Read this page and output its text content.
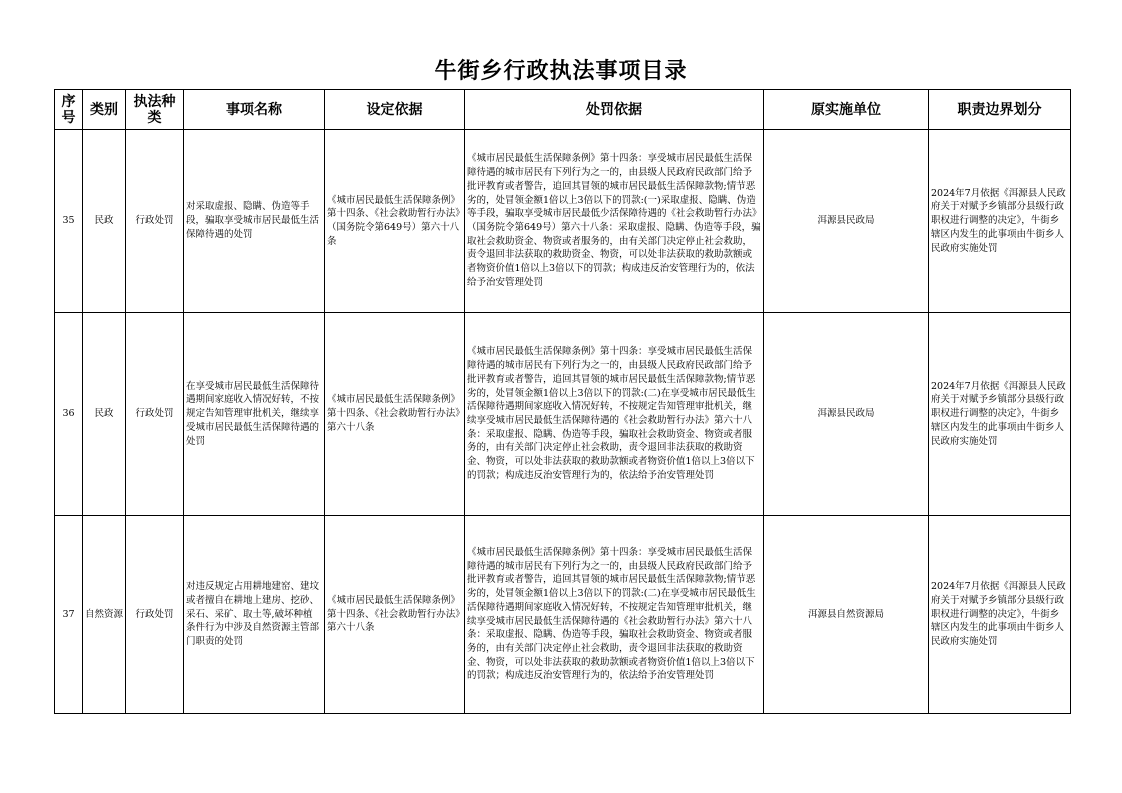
牛街乡行政执法事项目录
序号	类别	执法种类	事项名称	设定依据	处罚依据	原实施单位	职责边界划分
35	民政	行政处罚	对采取虚报、隐瞒、伪造等手段，骗取享受城市居民最低生活保障待遇的处罚	《城市居民最低生活保障条例》第十四条、《社会救助暂行办法》（国务院令第649号）第六十八条	《城市居民最低生活保障条例》第十四条：享受城市居民最低生活保障待遇的城市居民有下列行为之一的，由县级人民政府民政部门给予批评教育或者警告，追回其冒领的城市居民最低生活保障款物;情节恶劣的，处冒领金额1倍以上3倍以下的罚款:(一)采取虚报、隐瞒、伪造等手段，骗取享受城市居民最低少活保障待遇的《社会救助暂行办法》（国务院令第649号）第六十八条：采取虚报、隐瞒、伪造等手段，骗取社会救助资金、物资或者服务的，由有关部门决定停止社会救助，责令退回非法获取的救助资金、物资，可以处非法获取的救助款额或者物资价值1倍以上3倍以下的罚款；构成违反治安管理行为的，依法给予治安管理处罚	洱源县民政局	2024年7月依据《洱源县人民政府关于对赋予乡镇部分县级行政职权进行调整的决定》，牛街乡辖区内发生的此事项由牛街乡人民政府实施处罚
36	民政	行政处罚	在享受城市居民最低生活保障待遇期间家庭收入情况好转，不按规定告知管理审批机关，继续享受城市居民最低生活保障待遇的处罚	《城市居民最低生活保障条例》第十四条、《社会救助暂行办法》第六十八条	《城市居民最低生活保障条例》第十四条：享受城市居民最低生活保障待遇的城市居民有下列行为之一的，由县级人民政府民政部门给予批评教育或者警告，追回其冒领的城市居民最低生活保障款物;情节恶劣的，处冒领金额1倍以上3倍以下的罚款:(二)在享受城市居民最低生活保障待遇期间家庭收入情况好转，不按规定告知管理审批机关，继续享受城市居民最低生活保障待遇的《社会救助暂行办法》第六十八条：采取虚报、隐瞒、伪造等手段，骗取社会救助资金、物资或者服务的，由有关部门决定停止社会救助，责令退回非法获取的救助资金、物资，可以处非法获取的救助款额或者物资价值1倍以上3倍以下的罚款；构成违反治安管理行为的，依法给予治安管理处罚	洱源县民政局	2024年7月依据《洱源县人民政府关于对赋予乡镇部分县级行政职权进行调整的决定》，牛街乡辖区内发生的此事项由牛街乡人民政府实施处罚
37	自然资源	行政处罚	对违反规定占用耕地建窑、建坟或者擅自在耕地上建房、挖砂、采石、采矿、取土等,破坏种植条件行为中涉及自然资源主管部门职责的处罚	《城市居民最低生活保障条例》第十四条、《社会救助暂行办法》第六十八条	《城市居民最低生活保障条例》第十四条：享受城市居民最低生活保障待遇的城市居民有下列行为之一的，由县级人民政府民政部门给予批评教育或者警告，追回其冒领的城市居民最低生活保障款物;情节恶劣的，处冒领金额1倍以上3倍以下的罚款:(二)在享受城市居民最低生活保障待遇期间家庭收入情况好转，不按规定告知管理审批机关，继续享受城市居民最低生活保障待遇的《社会救助暂行办法》第六十八条：采取虚报、隐瞒、伪造等手段，骗取社会救助资金、物资或者服务的，由有关部门决定停止社会救助，责令退回非法获取的救助资金、物资，可以处非法获取的救助款额或者物资价值1倍以上3倍以下的罚款；构成违反治安管理行为的，依法给予治安管理处罚	洱源县自然资源局	2024年7月依据《洱源县人民政府关于对赋予乡镇部分县级行政职权进行调整的决定》，牛街乡辖区内发生的此事项由牛街乡人民政府实施处罚
